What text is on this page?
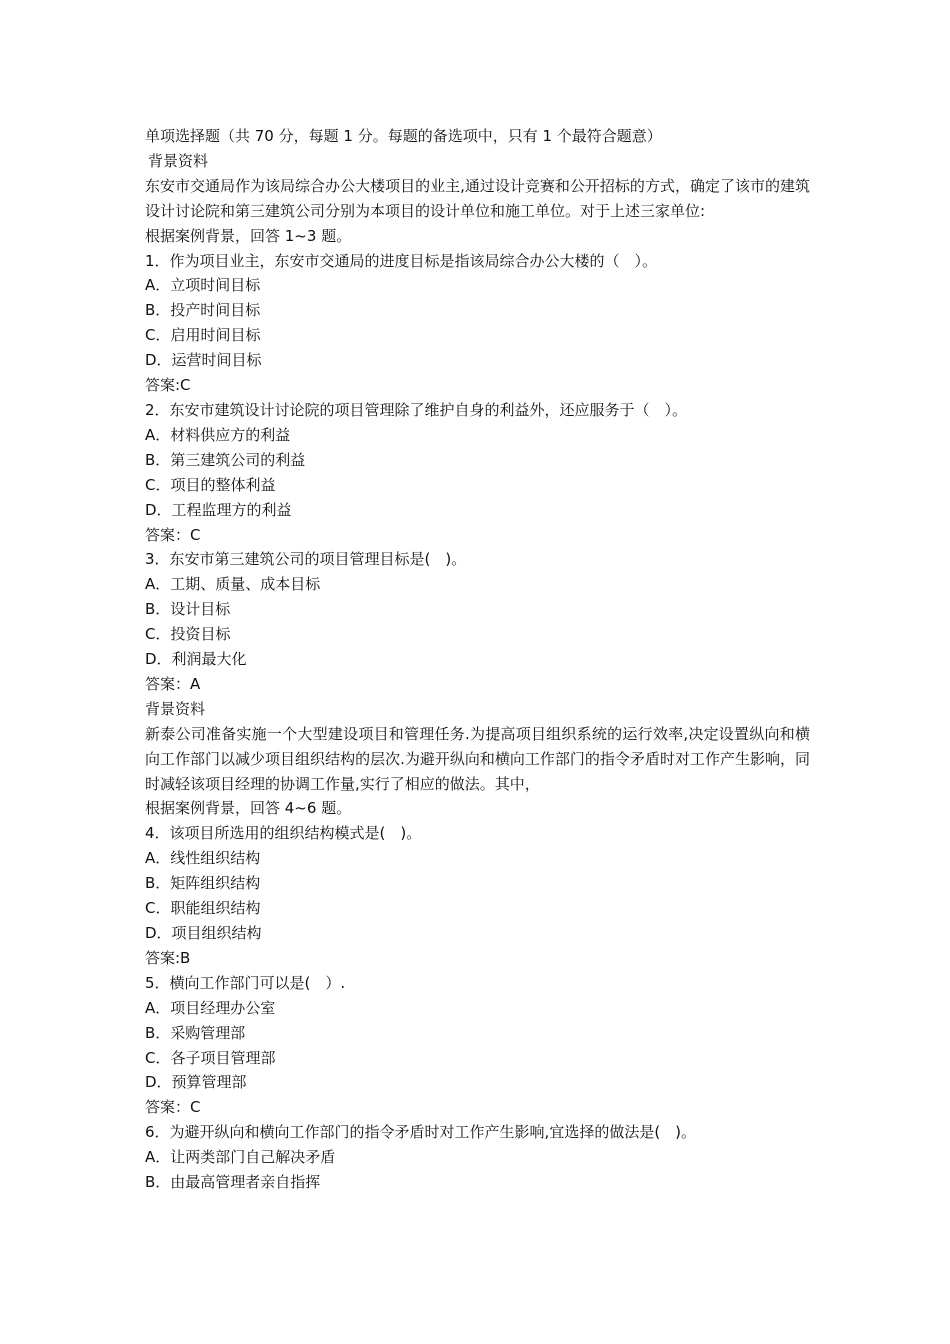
单项选择题（共 70 分，每题 1 分。每题的备选项中，只有 1 个最符合题意）
背景资料
东安市交通局作为该局综合办公大楼项目的业主,通过设计竞赛和公开招标的方式，确定了该市的建筑设计讨论院和第三建筑公司分别为本项目的设计单位和施工单位。对于上述三家单位:
根据案例背景，回答 1~3 题。
1．作为项目业主，东安市交通局的进度目标是指该局综合办公大楼的（　）。
A．立项时间目标
B．投产时间目标
C．启用时间目标
D．运营时间目标
答案:C
2．东安市建筑设计讨论院的项目管理除了维护自身的利益外，还应服务于（　）。
A．材料供应方的利益
B．第三建筑公司的利益
C．项目的整体利益
D．工程监理方的利益
答案：C
3．东安市第三建筑公司的项目管理目标是(　)。
A．工期、质量、成本目标
B．设计目标
C．投资目标
D．利润最大化
答案：A
背景资料
新泰公司准备实施一个大型建设项目和管理任务.为提高项目组织系统的运行效率,决定设置纵向和横向工作部门以减少项目组织结构的层次.为避开纵向和横向工作部门的指令矛盾时对工作产生影响，同时减轻该项目经理的协调工作量,实行了相应的做法。其中，
根据案例背景，回答 4~6 题。
4．该项目所选用的组织结构模式是(　)。
A．线性组织结构
B．矩阵组织结构
C．职能组织结构
D．项目组织结构
答案:B
5．横向工作部门可以是(　）.
A．项目经理办公室
B．采购管理部
C．各子项目管理部
D．预算管理部
答案：C
6．为避开纵向和横向工作部门的指令矛盾时对工作产生影响,宜选择的做法是(　)。
A．让两类部门自己解决矛盾
B．由最高管理者亲自指挥
